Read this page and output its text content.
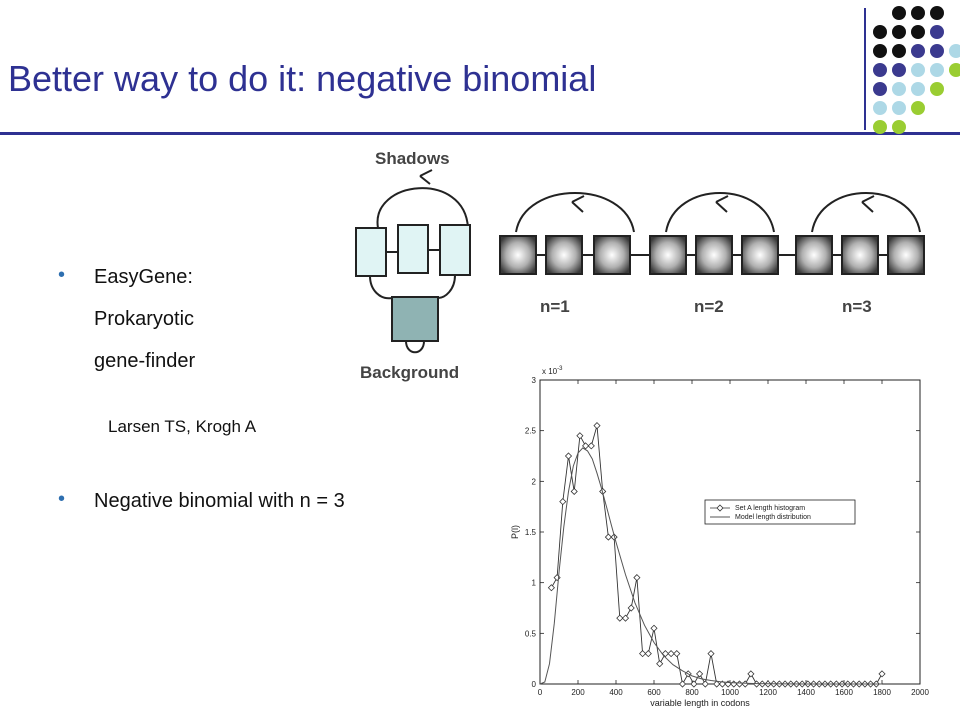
Better way to do it: negative binomial
• EasyGene:
Prokaryotic
gene-finder
Larsen TS, Krogh A
• Negative binomial with n = 3
Shadows
Background
n=1	n=2	n=3
0	200	400	600	800	1000	1200	1400	1600	1800	2000
0
0.5
1
1.5
2
2.5
3
x $10^{-3}$
variable length in codons
P(l)
Set A length histogram
Model length distribution
